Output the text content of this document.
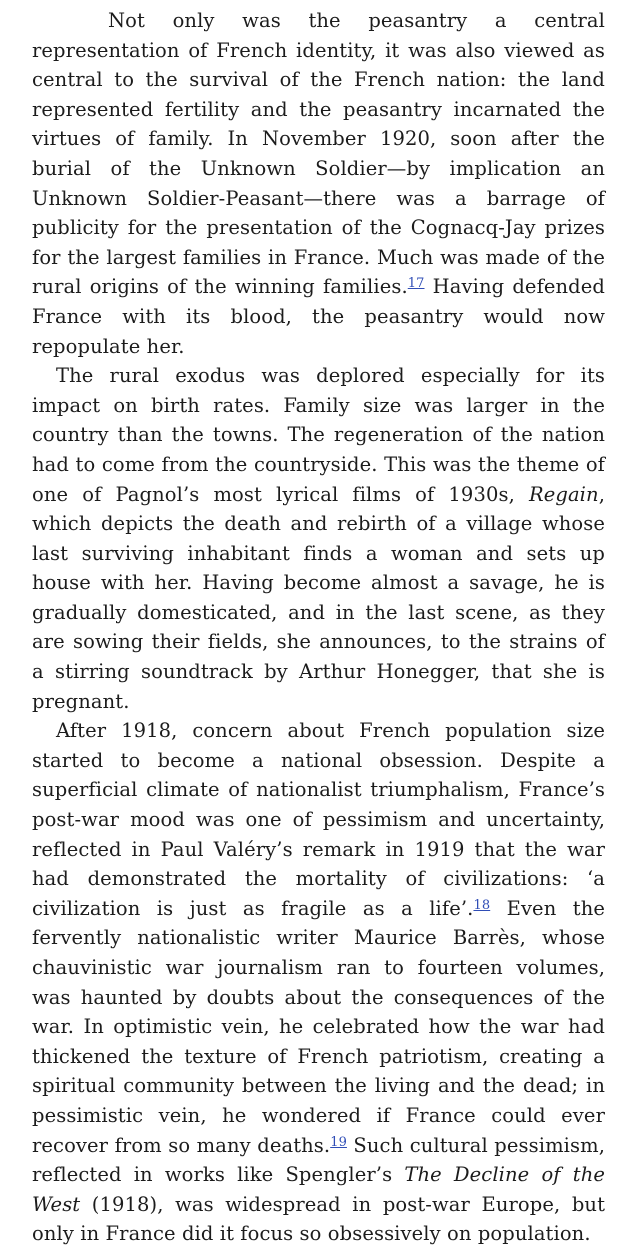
Not only was the peasantry a central representation of French identity, it was also viewed as central to the survival of the French nation: the land represented fertility and the peasantry incarnated the virtues of family. In November 1920, soon after the burial of the Unknown Soldier—by implication an Unknown Soldier-Peasant—there was a barrage of publicity for the presentation of the Cognacq-Jay prizes for the largest families in France. Much was made of the rural origins of the winning families.$^{17}$ Having defended France with its blood, the peasantry would now repopulate her.

The rural exodus was deplored especially for its impact on birth rates. Family size was larger in the country than the towns. The regeneration of the nation had to come from the countryside. This was the theme of one of Pagnol’s most lyrical films of 1930s, Regain, which depicts the death and rebirth of a village whose last surviving inhabitant finds a woman and sets up house with her. Having become almost a savage, he is gradually domesticated, and in the last scene, as they are sowing their fields, she announces, to the strains of a stirring soundtrack by Arthur Honegger, that she is pregnant.

After 1918, concern about French population size started to become a national obsession. Despite a superficial climate of nationalist triumphalism, France’s post-war mood was one of pessimism and uncertainty, reflected in Paul Valéry’s remark in 1919 that the war had demonstrated the mortality of civilizations: ‘a civilization is just as fragile as a life’.$^{18}$ Even the fervently nationalistic writer Maurice Barrès, whose chauvinistic war journalism ran to fourteen volumes, was haunted by doubts about the consequences of the war. In optimistic vein, he celebrated how the war had thickened the texture of French patriotism, creating a spiritual community between the living and the dead; in pessimistic vein, he wondered if France could ever recover from so many deaths.$^{19}$ Such cultural pessimism, reflected in works like Spengler’s The Decline of the West (1918), was widespread in post-war Europe, but only in France did it focus so obsessively on population.
